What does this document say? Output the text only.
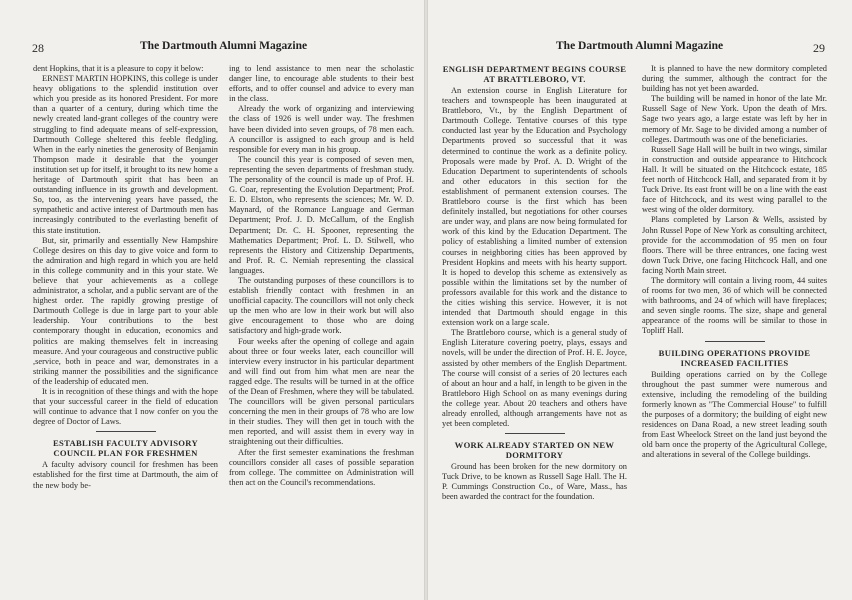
28	The Dartmouth Alumni Magazine

dent Hopkins, that it is a pleasure to copy it below:

ERNEST MARTIN HOPKINS, this college is under heavy obligations to the splendid institution over which you preside as its honored President. For more than a quarter of a century, during which time the newly created land-grant colleges of the country were struggling to find adequate means of self-expression, Dartmouth College sheltered this feeble fledgling. When in the early nineties the generosity of Benjamin Thompson made it desirable that the younger institution set up for itself, it brought to its new home a heritage of Dartmouth spirit that has been an outstanding influence in its growth and development. So, too, as the intervening years have passed, the sympathetic and active interest of Dartmouth men has increasingly contributed to the everlasting benefit of this state institution.

But, sir, primarily and essentially New Hampshire College desires on this day to give voice and form to the admiration and high regard in which you are held in this college community and in this your state. We believe that your achievements as a college administrator, a scholar, and a public servant are of the highest order. The rapidly growing prestige of Dartmouth College is due in large part to your able leadership. Your contributions to the best contemporary thought in education, economics and politics are making themselves felt in increasing measure. And your courageous and constructive public ,service, both in peace and war, demonstrates in a striking manner the possibilities and the significance of the leadership of educated men.

It is in recognition of these things and with the hope that your successful career in the field of education will continue to advance that I now confer on you the degree of Doctor of Laws.

ESTABLISH FACULTY ADVISORY COUNCIL PLAN FOR FRESHMEN

A faculty advisory council for freshmen has been established for the first time at Dartmouth, the aim of the new body be-

ing to lend assistance to men near the scholastic danger line, to encourage able students to their best efforts, and to offer counsel and advice to every man in the class.

Already the work of organizing and interviewing the class of 1926 is well under way. The freshmen have been divided into seven groups, of 78 men each. A councillor is assigned to each group and is held responsible for every man in his group.

The council this year is composed of seven men, representing the seven departments of freshman study. The personality of the council is made up of Prof. H. G. Coar, representing the Evolution Department; Prof. E. D. Elston, who represents the sciences; Mr. W. D. Maynard, of the Romance Language and German Department; Prof. J. D. McCallum, of the English Department; Dr. C. H. Spooner, representing the Mathematics Department; Prof. L. D. Stilwell, who represents the History and Citizenship Departments, and Prof. R. C. Nemiah representing the classical languages.

The outstanding purposes of these councillors is to establish friendly contact with freshmen in an unofficial capacity. The councillors will not only check up the men who are low in their work but will also give encouragement to those who are doing satisfactory and high-grade work.

Four weeks after the opening of college and again about three or four weeks later, each councillor will interview every instructor in his particular department and will find out from him what men are near the ragged edge. The results will be turned in at the office of the Dean of Freshmen, where they will be tabulated. The councillors will be given personal particulars concerning the men in their groups of 78 who are low in their studies. They will then get in touch with the men reported, and will assist them in every way in straightening out their difficulties.

After the first semester examinations the freshman councillors consider all cases of possible separation from college. The committee on Administration will then act on the Council's recommendations.

The Dartmouth Alumni Magazine	29
ENGLISH DEPARTMENT BEGINS COURSE AT BRATTLEBORO, VT.

An extension course in English Literature for teachers and townspeople has been inaugurated at Brattleboro, Vt., by the English Department of Dartmouth College. Tentative courses of this type conducted last year by the Education and Psychology Departments proved so successful that it was determined to continue the work as a definite policy. Proposals were made by Prof. A. D. Wright of the Education Department to superintendents of schools and other educators in this section for the establishment of permanent extension courses. The Brattleboro course is the first which has been definitely installed, but negotiations for other courses are under way, and plans are now being formulated for work of this kind by the Education Department. The policy of establishing a limited number of extension courses in neighboring cities has been approved by President Hopkins and meets with his hearty support. It is hoped to develop this scheme as extensively as possible within the limitations set by the number of professors available for this work and the distance to the cities wishing this service. However, it is not intended that Dartmouth should engage in this extension work on a large scale.

The Brattleboro course, which is a general study of English Literature covering poetry, plays, essays and novels, will be under the direction of Prof. H. E. Joyce, assisted by other members of the English Department. The course will consist of a series of 20 lectures each of about an hour and a half, in length to be given in the Brattleboro High School on as many evenings during the college year. About 20 teachers and others have already enrolled, although arrangements have not as yet been completed.

WORK ALREADY STARTED ON NEW DORMITORY

Ground has been broken for the new dormitory on Tuck Drive, to be known as Russell Sage Hall. The H. P. Cummings Construction Co., of Ware, Mass., has been awarded the contract for the foundation.

It is planned to have the new dormitory completed during the summer, although the contract for the building has not yet been awarded.

The building will be named in honor of the late Mr. Russell Sage of New York. Upon the death of Mrs. Sage two years ago, a large estate was left by her in memory of Mr. Sage to be divided among a number of colleges. Dartmouth was one of the beneficiaries.

Russell Sage Hall will be built in two wings, similar in construction and outside appearance to Hitchcock Hall. It will be situated on the Hitchcock estate, 185 feet north of Hitchcock Hall, and separated from it by Tuck Drive. Its east front will be on a line with the east face of Hitchcock, and its west wing parallel to the west wing of the older dormitory.

Plans completed by Larson & Wells, assisted by John Russel Pope of New York as consulting architect, provide for the accommodation of 95 men on four floors. There will be three entrances, one facing west down Tuck Drive, one facing Hitchcock Hall, and one facing North Main street.

The dormitory will contain a living room, 44 suites of rooms for two men, 36 of which will be connected with bathrooms, and 24 of which will have fireplaces; and seven single rooms. The size, shape and general appearance of the rooms will be similar to those in Topliff Hall.

BUILDING OPERATIONS PROVIDE INCREASED FACILITIES

Building operations carried on by the College throughout the past summer were numerous and extensive, including the remodeling of the building formerly known as "The Commercial House" to fulfill the purposes of a dormitory; the building of eight new residences on Dana Road, a new street leading south from East Wheelock Street on the land just beyond the old barn once the property of the Agricultural College, and alterations in several of the College buildings.
